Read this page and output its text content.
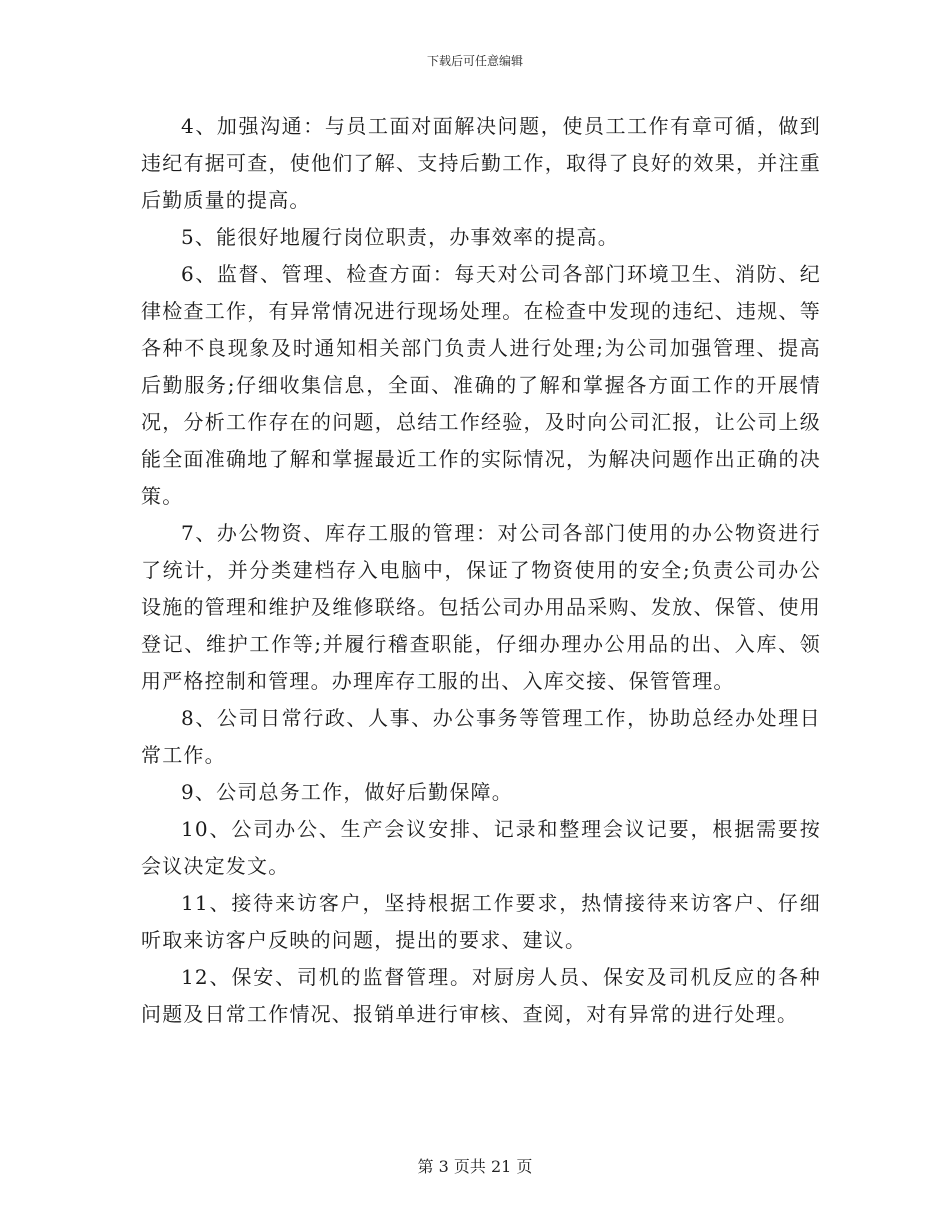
下载后可任意编辑

4、加强沟通：与员工面对面解决问题，使员工工作有章可循，做到违纪有据可查，使他们了解、支持后勤工作，取得了良好的效果，并注重后勤质量的提高。

5、能很好地履行岗位职责，办事效率的提高。

6、监督、管理、检查方面：每天对公司各部门环境卫生、消防、纪律检查工作，有异常情况进行现场处理。在检查中发现的违纪、违规、等各种不良现象及时通知相关部门负责人进行处理;为公司加强管理、提高后勤服务;仔细收集信息，全面、准确的了解和掌握各方面工作的开展情况，分析工作存在的问题，总结工作经验，及时向公司汇报，让公司上级能全面准确地了解和掌握最近工作的实际情况，为解决问题作出正确的决策。

7、办公物资、库存工服的管理：对公司各部门使用的办公物资进行了统计，并分类建档存入电脑中，保证了物资使用的安全;负责公司办公设施的管理和维护及维修联络。包括公司办用品采购、发放、保管、使用登记、维护工作等;并履行稽查职能，仔细办理办公用品的出、入库、领用严格控制和管理。办理库存工服的出、入库交接、保管管理。

8、公司日常行政、人事、办公事务等管理工作，协助总经办处理日常工作。

9、公司总务工作，做好后勤保障。

10、公司办公、生产会议安排、记录和整理会议记要，根据需要按会议决定发文。

11、接待来访客户，坚持根据工作要求，热情接待来访客户、仔细听取来访客户反映的问题，提出的要求、建议。

12、保安、司机的监督管理。对厨房人员、保安及司机反应的各种问题及日常工作情况、报销单进行审核、查阅，对有异常的进行处理。

第 3 页共 21 页
